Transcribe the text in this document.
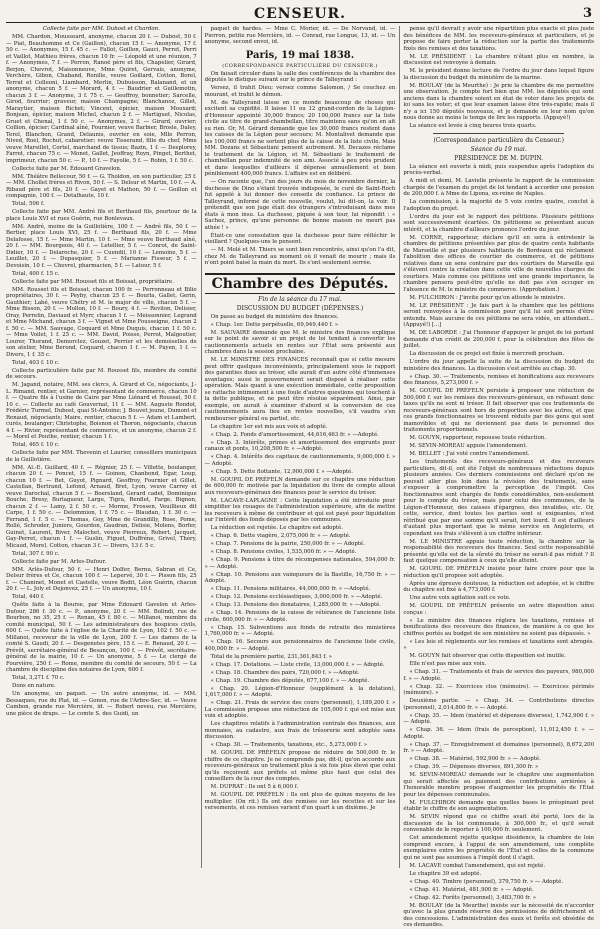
CENSEUR.	3

Collecte faite par MM. Dubost et Chardon.

MM. Chardon, Mousseard, anonyme, chacun 20 f. — Dubost, 50 f. — Piat, Beauhomme et Ce (Gaillon), chacun 15 f. — Anonyme, 17 f. 50 c. — Anonymes, 15 f. 45 c. — Fallot, Goillon, Gauci, Perret, Perri et Vaillot, Mathieu frères, chacun 10 fr. — Léopold et une réunion, 7 f. — Anonymes, 7 f. — Perron, Ranoé père et fils, Chapelier, Girard, Berjon, Chevrot, Maisonneuve, Mme Quiret, Gervais, anonyme, Verchère, Gibon, Chaband, Ronille, veuve Goillard, Cotton, Borel, Terrat et Colleoni, Liambard, Merlin, Dubuisson, Balanand, et un anonyme, chacun 5 f. — Morard, 4 f. — Baudrier et Guillemotin, chacun 3 f. — Anonyme, 3 f. 75 c. — Geoffroy, bonnetier; Sarcelle, Girod, fourrier; graveur, maison Champagne; Blanchanoz, Gillet, Maraytier, maison Richet; Vincent, épicier, maison Mouxard; Bonjean, épicier, maison Michel, chacun 2 f. — Martiguet, Nicolas, Gruet et Chenal, 1 f. 50 c. — Anonymes, 2 f. — Girard, ouvrier; Collion, épicier; Cardinal aîné, Fournier, veuve Barbier, Brosle, Daley, Terel, Blanchon, Grand, Delaunis, ouvrier en soie, Mlle Perron, Nived, Roel, Rochut, cabaretier; veuve Tisserand, fille du chef, Mme veuve Marsillet, Cortel, marchand de tissus; Bazin, 1 f. — Desplorey, Farret, chacun 75 c. — Monet, Gallet, Jeoffray, Royn, Pinget, Berthet, imprimeur, chacun 50 c. — P., 10 f. — Fayolle, 5 f. — Robin, 1 f. 50 c.

Collecte faite par M. Édouard Gravelon.

MM. Théâtre Bellecour, 50 f. — G. Tholdon, en son particulier, 25 f. — MM. Chollet frères et Rivon, 50 f. — S. Delsur et Martin, 10 f. — A. Ribaud père et fils, 20 f. — Gayet et Mathon, 50 f. — Goillon et compagnie, 100 f. — Detalhaute, 10 f.

Total, 506 f.

Collecte faite par MM. André fils et Berthaud fils, pourtour de la place Louis XVI et rues Guérin, rue Bonlevaux.

MM. André, moine de la Guillotière, 100 f. — André fils, 50 f. — Bertier, place Louis XVI, 25 f. — Berthaud fils, 20 f. — Mme Delafosse, 15 f. — Mme Martin, 10 f. — Mme veuve Berthaud aîné, 20 f. — MM. Bourgeois, 40 f. — Letellier, 5 f. — Conrot, de Saint-Didier, 10 f. — Delaroche, 20 f. — Cuendil, 10 f. — Lemoine, 5 f. — Leuillet, 20 f. — Dupasquier, 5 f. — Marianne Fisseur, 5 f. — Devoisin, 10 f. — Chevrel, pharmacien, 5 f. — Latour, 5 f.

Total, 400 f. 15 c.

Collecte faite par MM. Rousset fils et Boissat, propriétaire.

MM. Rousset fils et Boissat, chacun 100 fr. — Perronneau et Bilio propriétaires, 30 f. — Peyby, chacun 25 f. — Bourla, Gallet, Gerin, Gauthier; Labé, veuve Chétry et M. le major de ville, chacun 5 f. — Mme Bisson, 20 f. — Mollon, 10 f. — Boury, 4 f. — Revilon, Delisier, Oray, Perrelin, Daviaud et Myrr, chacun 1 f. — Meissonnier, Legrand et Mme Michand, chacun 3 f. — Vignet et Mme Fousseigne, chacun 2 f. 50 c. — MM. Sauvage, Coquard et Mme Duquis, chacun 1 f. 50 c. — Mme Voilet, 1 f. 25 c. — MM. David, Poisse, Perrot, Malgoutier, Lourer, Thorand, Demorclez, Gouzet, Perrier et les demoiselles de son atelier, Mme Berond, Coquard, chacun 1 f. — M. Payen, 1 f. — Divers, 1 f. 35 c.

Total, 403 f. 10 c.

Collecte particulière faite par M. Rousset fils, membre du comité de secours.

M. Jagand, notaire, MM. ses clercs, A. Girard et Ce, négociants, J.-L. Rimand, rentier, et Garnier, représentant de commerce, chacun 10 f. — Quatre fils à l'usine de Caire par Mme Liénard et Roussel, 50 f. 10 c. — Collecte au café Gouvernat, 11 f. — MM. Auguste Rondot, Frédéric Turmel, Dubost, quai St-Antoine; J. Bouvet jeune, Dumont et Renaud, négociants; Maire, rentier, chacun 5 f. — Adam et Lambert, curés, boulanger; Christophe, Boisnon et Thoron, négociants, chacun 4 f. — Rivier, représentant de commerce, et un anonyme, chacun 2 f. — Morel et Pouthe, rentier, chacun 1 f.

Total, 465 f. 10 c.

Collecte faite par MM. Thevenin et Laurier, conseillers municipaux de la Guillotière.

MM. Al.-E. Guillard, 40 f. — Régnier, 25 f. — Villette, boulanger, chacun 20 f. — Poncet, 15 f. — Goinon, Chanbond, Egar, Loup, chacun 10 f. — Bet, Guyot, Pignard, Geoffroy, Fournier et Gillet, Castellan, Bertrand, Lefond, Arnaud, Bret, Lyon, veuve Carrey et veuve Darochal, chacun 5 f. — Boereland, Gerard cadet, Dominique Bouche, Bresy, Burlagueur, Large, Tigra, Renflet, Farge, Bignon, chacun 2 f. — Lamy, 2 f. 50 c. — Morme, Frossen, Veuillieux dit Carpe, 1 f. 50 c. — Delommion, 1 f. 75 c. — Blaudan, 1 f. 30 c. — Ferrand, 1 f. 5 c. — Thomas, Goy, Mme de Grandilly, Rose, Pome, Rollé, Schroder, Juniers, Gourdon, Gaudran, Delisie, Molens, Borfer, Guinet, Laurent, Biver, Malochet, veuve Pierreux, Robert, Jacquet, Gay-Perret, chacun 1 f. — Guslin, Figuet, Duffréne, Grivel, Théry, Micaud, Morel, Cotton, chacun 3 f. — Divers, 13 f. 5 c.

Total, 307 f. 90 c.

Collecte faite par M. Arles-Dufour.

MM. Arlès-Dufour, 50 f. — Henri Dolfer, Bernu, Sabran et Ce, Delsur frères et Ce, chacun 100 f. — Lepervé, 30 f. — Pisson fils, 25 f. — Chaninet, Monet et Castelle, veuve Bodit, Léon Guérin, chacun 20 f. — L. Joly et Dejonvez, 25 f. — Un anonyme, 10 f.

Total, 440 f.

Quête faite à la Bourse, par Mme Édouard Gavelon et Arles-Dufour, 286 f. 30 c. — P., anonyme, 20 f. — MM. Bolindi, rue de Bourbon, no 35, 25 f. — Renan, 45 f. 80 c. — Millanoi, membre du comité municipal, 50 f. — Les administrateurs des hospices civils, 600 f. — Quête faite à l'église de la Charité de Lyon, 102 f. 50 c. — Millanoi, receveur de la ville de Lyon, 200 f. — Les dames de la comté S. Gaudi, 20 f. — Desgenetes père, 15 f. — E. Renaud, 20 f. — Prévôt, secrétaire-général de Besançon, 100 f. — Prévôt, secrétaire-général de la mairie, 10 f. — Un anonyme, 5 f. — Le clergé de Fourvière, 250 f. — Rome, membre du comité de secours, 50 f. — La chambre de discipline des notaires de Lyon, 600 f.

Total, 3,271 f. 70 c.

Dons en nature.

Un anonyme, un paquet. — Un autre anonyme, id. — MM. Bessaques, rue du Plat, id. — Gonon, rue de l'Arbre-Sec, id. — Veuve Cambon, grande rue Mercière, id. — Robert neveu, rue Mercière, une pièce de draps. — Le comte S. des Guidi, un

paquet de hardes. — Mme C. Morier, id. — De Norvand, id. — Pierron, petite rue Mercière, id. — Conrad, rue Longue, 13, id. — Un anonyme, second envoi, id.

Paris, 19 mai 1838.
(CORRESPONDANCE PARTICULIÈRE DU CENSEUR.)

On faisait circuler dans la salle des conférences de la chambre des députés le distique suivant sur le prince de Talleyrand :

Versez, il trahit Dieu; versez comme Salomon, / Se couchez en mourant, et trahit le démon.

M. de Talleyrand laisse en ce monde beaucoup de choses qui excitent sa cupidité. Il laisse 11 ou 12 grand-cordon de la Légion-d'Honneur appointé 30,000 francs; 20 100,000 francs sur la liste civile au titre de grand-chambellan, titre maintenu sans qu'on en ait su rien. Or, M. Gérard demande que les 30,000 francs restent dans les caisses de la Légion pour secours; M. Montalivet demande que les 100,000 francs ne sortent plus de la caisse de la liste civile. Mais MM. Dozans et Sébastiani pensent autrement. M. Decazes réclame le traitement de la Légion, et M. Sébastiani le traitement de chambellan pour indemnité de son ami. Associé à peu près prudent et dans lesquelles d'ailleurs il dépense annuellement et bien péniblement 400,000 francs. L'affaire est en délibéré.

— On raconte que, l'un des jours du mois de novembre dernier, la duchesse de Dino s'étant trouvée indisposée, le curé de Saint-Roch fut appelé à lui donner des conseils de confiance. Le prince de Talleyrand, informé de cette nouvelle, voulut, lui dit-on, la voir. Il prétendit que son juge était des étrangers s'introduisant dans mes états à mon insu. La duchesse, piquée à son tour, lui répondit : « Sachez, prince, qu'une personne de bonne maison ne meurt pas athée ! »

Était-ce une consolation que la duchesse pour faire réfléchir le vieillard ? Quelques-uns le pensent.

— M. Molé et M. Thiers se sont bien rencontrés, ainsi qu'on l'a dit, chez M. de Talleyrand au moment où il venait de mourir ; mais ils n'ont point baisé la main du mort. Ils s'ont seulement serrée.

Chambre des Députés.
Fin de la séance du 17 mai.
DISCUSSION DU BUDGET (DÉPENSES.)

On passe au budget du ministère des finances.

« Chap. 1er. Dette perpétuelle, 69,949,440 f. »

M. SAUVAIRE demande que M. le ministre des finances explique sur le point de savoir si un projet de loi tendant à convertir les cautionnements actuels en rentes sur l'État sera présenté aux chambres dans la session prochaine.

M. LE MINISTRE DES FINANCES reconnaît que si cette mesure peut offrir quelques inconvénients, principalement sous le rapport des garanties dues au trésor, elle aurait d'un autre côté d'immenses avantages; aussi le gouvernement serait disposé à réaliser cette opération. Mais quant à une exécution immédiate, cette proposition se rattache intimement à une foule d'autres questions qui touchent à la dette publique, et ne peut être résolue séparément. Ainsi, par exemple, on aurait à examiner d'abord si la conversion de ces cautionnements aura lieu en rentes nouvelles, s'il vaudra s'en rembourser général ou partiel, etc.

Le chapitre 1er est mis aux voix et adopté.

« Chap. 2. Fonds d'amortissement, 44,616,463 fr. » —Adopté.

« Chap. 3. Intérêts, primes et amortissement des emprunts pour canaux et ponts, 10,208,500 fr. » —Adopté.

« Chap. 4. Intérêts des capitaux de cautionnements, 9,000,000 f. » — Adopté.

« Chap. 5. Dette flottante, 12,900,000 f. » —Adopté.

M. GOUPIL DE PRÉFELN demande sur ce chapitre une réduction de 600,000 fr. motivée par la liquidation du livre de compte alloué aux receveurs-généraux des finances pour le service du trésor.

M. LACAVE-LAPLAGNE : Cette liquidation a été introduite pour simplifier les rouages de l'administration supérieure, afin de mettre les receveurs à même de contribuer et qui est payé pour liquidation sur l'intérêt des fonds déposés par les communes.

La réduction est rejetée. Le chapitre est adopté.

« Chap. 6. Dette viagère, 2,075,000 fr. » — Adopté.

« Chap. 7. Pensions de la pairie, 250,000 fr. » — Adopté.

« Chap. 8. Pensions civiles, 1,535,000 fr. » — Adopté.

« Chap. 9. Pensions à titre de récompenses nationales, 594,000 fr. » — Adopté.

« Chap. 10. Pensions aux vainqueurs de la Bastille, 16,750 fr. » — Adopté.

« Chap. 11. Pensions militaires, 44,000,000 fr. » —Adopté.

« Chap. 12. Pensions ecclésiastiques, 3,000,000 fr. » —Adopté.

« Chap. 13. Pensions des donataires, 1,285,000 fr. » —Adopté.

« Chap. 14. Pensions de la caisse de vétérance de l'ancienne liste civile, 600,000 fr. » — Adopté.

« Chap. 15. Subventions aux fonds de retraite des ministères 1,760,000 fr. » — Adopté.

« Chap. 16. Secours aux pensionnaires de l'ancienne liste civile, 400,000 fr. » — Adopté.

Total de la première partie, 231,361,843 f. »

« Chap. 17. Dotations. — Liste civile, 13,000,000 f. » — Adopté.

« Chap. 18. Chambre des pairs, 720,000 f. » —Adopté.

« Chap. 19. Chambre des députés, 677,100 f. » — Adopté.

« Chap. 20. Légion-d'Honneur (supplément à la dotation), 1,617,000 f. » — Adopté.

« Chap. 21. Frais de service des cours (personnel), 1,189,200 f. » La commission propose une réduction de 105,000 f. qui est mise aux voix et adoptée.

Les chapitres relatifs à l'administration centrale des finances, aux monnaies, au cadastre, aux frais de trésorerie sont adoptés sans discussion.

« Chap. 30. — Traitements, taxations, etc., 5,273,000 f. »

M. GOUPIL DE PRÉFELN propose de réduire de 500,000 fr. le chiffre de ce chapitre. Je ne comprends pas, dit-il, qu'on accorde aux receveurs-généraux un traitement plus à six fois plus élevé que celui qu'ils reçoivent aux préfets et même plus haut que celui des conseillers de la cour des comptes.

M. DUPRAT : Ils ont 5 à 6,000 f.

M. GOUPIL DE PRÉFELN : Ils ont plus de quinze moyens de les multiplier. (On rit.) Ils ont des remises sur les recettes et sur les versements, et ces remises varient d'un quart à un dixième. Je

pense qu'il devrait y avoir une répartition plus exacte et plus juste des bénéfices de MM. les receveurs-généraux et particuliers, et je propose de faire porter la réduction sur la partie des traitements fixés des remises et des taxations.

M. LE PRÉSIDENT : La chambre n'étant plus en nombre, la discussion est renvoyée à demain.

M. le président donne lecture de l'ordre du jour dans lequel figure la discussion du budget du ministère de la marine.

M. ROULAY (de la Meurthe) : Je prie la chambre de me permettre une observation. Je compte fort bien que MM. les députés qui sont anciens dans la chambre soient en état de voter dans les projets de loi sans les voter; et que leur examen laisse être très-rapide; mais il n'y a ici 150 députés nouveaux, et je demande en leur nom qu'on nous donne au moins le temps de lire les rapports. (Appuyé!)

La séance est levée à cinq heures trois quarts.

(Correspondance particulière du Censeur.)
Séance du 19 mai.
PRÉSIDENCE DE M. DUPIN.

La séance est ouverte à midi, puis suspendue après l'adoption du procès-verbal.

A midi et demi, M. Lavielle présente le rapport de la commission chargée de l'examen du projet de loi tendant à accorder une pension de 200,000 f. à Mme de Lipona, ex-reine de Naples.

La commission, à la majorité de 5 voix contre quatre, conclut à l'adoption du projet.

L'ordre du jour est le rapport des pétitions. Plusieurs pétitions sont successivement écartées. On pétitionne se présentant aucun intérêt, et la chambre d'ailleurs prononce l'ordre du jour.

M. CORNE, rapporteur, déclare qu'il en sera à entretenir la chambre de pétitions présentées par plus de quatre cents habitants de Marseille et par plusieurs habitants de Bordeaux qui réclament l'abolition des offices de courtier de commerce, et de pétitions relatives dans un sens contraire par des courtiers de Marseille qui s'élèvent contre la création dans cette ville de nouvelles charges de courtiers. Mais comme ces pétitions ont une grande importance, la chambre pensera peut-être qu'elle ne doit pas s'en occuper en l'absence de M. le ministre du commerce. (Approbation.)

M. FULCHIRON : J'invite pour qu'on attende le ministre.

M. LE PRÉSIDENT : Je fais part à la chambre que les pétitions seront renvoyées à la commission pour qu'il lui soit permis d'être entendu. Mais aucune de ces pétitions ne sera vidée, en attendant... (Appuyé!) [...]

M. DE LABORDE : J'ai l'honneur d'appuyer le projet de loi portant demande d'un crédit de 200,000 f. pour la célébration des fêtes de juillet.

La discussion de ce projet est fixée à mercredi prochain.

L'ordre du jour appelle la suite de la discussion du budget du ministère des finances. La discussion s'est arrêtée au chap. 30.

« Chap. 30. — Traitements, remises et bonifications aux receveurs des finances, 5,273,000 f. »

M. GOUPIL DE PRÉFELN persiste à proposer une réduction de 500,000 f. sur les remises des receveurs-généraux, en refusant donc taxes qu'ils ne sont ni trésor. Il fait observer que ces traitements de receveurs-généraux sont hors de proportion avec les autres, et que ces grands fonctionnaires se trouvent réduits par des gens qui sont inamovibles et qui ne deviennent pas dans le personnel des traitements proportionnels.

M. GOUYN, rapporteur, repousse toute réduction.

M. SEVIN-MOREAU appuie l'amendement.

M. BELLET : J'ai voté contre l'amendement.

Les traitements des receveurs-généraux et des receveurs particuliers, dit-il, ont été l'objet de nombreuses réductions depuis plusieurs années. Ces derniers commissions ont déclaré qu'on ne pouvait aller plus loin dans la révision des traitements, sans s'exposer à compromettre la perception de l'impôt. Ces fonctionnaires sont chargés de fonds considérables, non-seulement pour le compte du trésor, mais pour celui des communes, de la Légion-d'Honneur, des caisses d'épargnes, des invalides, etc. Or, cette, service, dont toutes les parties sont si exigeantes, n'est rétribué que par une somme qu'il serait, fort lourd. Il est d'ailleurs d'autant plus important que le même service en Angleterre, et cependant ses frais s'élèvent à un chiffre inférieur.

M. LE MINISTRE appuie toute réduction, la chambre sur la responsabilité des receveurs des finances. Seul cette responsabilité présente qu'elle est de la sûreté du trésor ne serait-il pas réduit ? Il faut quelque compensation à ceux qu'elle atteint.

M. GOUPIL DE PRÉFELN insiste pour faire croire pour que la réduction qu'il propose soit adoptée.

Après une épreuve douteuse, la réduction est adoptée, et le chiffre du chapitre est fixé à 4,773,000 f.

Une autre voix agitation suit ce vote.

M. GOUPIL DE PRÉFELN présente un autre disposition ainsi conçue :

« Le ministre des finances réglera les taxations, remises et bonifications des receveurs des finances, de manière à ce que les chiffres portés au budget de son ministère ne soient pas dépassés. »

« Les lois et règlements sur les remises et taxations sont abrogés. »

M. GOUYN fait observer que cette disposition est inutile.

Elle n'est pas mise aux voix.

« Chap. 31. — Traitements et frais de service des payeurs, 980,000 f. » — Adopté.

« Chap. 32. — Exercices clos (mémoire). — Exercices périmés (mémoire). »

Deuxième partie. — « Chap. 34. — Contributions directes (personnel), 2,014,800 fr. » — Adopté.

« Chap. 35. — Idem (matériel et dépenses diverses), 1,742,900 f. » — Adopté.

« Chap. 36. — Idem (frais de perception), 11,012,450 f. » — Adopté.

« Chap. 37. — Enregistrement et domaines (personnel), 8,672,200 fr. » — Adopté.

« Chap. 38. — Matériel, 592,900 fr. » — Adopté.

« Chap. 39. — Dépenses diverses, 891,300 fr. »

M. SEVIN-MOREAU demande sur le chapitre une augmentation qui serait affectée au paiement des contributions arriérées à l'honorable membre propose d'augmenter les propriétés de l'État pour les dépenses communales.

M. FULCHIRON demande que quelles bases le préopinant peut établir le chiffre de son augmentation.

M. SEVIN répond que ce chiffre avait été porté, lors de la discussion de la loi communale, à 300,000 fr., et qu'il serait convenable de le reporter à 100,000 fr. seulement.

Cet amendement rejette quelque dissidence, la chambre de loin comprend encore, à l'appui de son amendement, une complète exemplaires entre les propriétés de l'État et celles de la commune qui ne sont pas soumises à l'impôt dont il s'agit.

M. LACAVE combat l'amendement, qui est rejeté.

Le chapitre 39 est adopté.

« Chap. 40. Timbre (personnel), 379,750 fr. » — Adopté.

« Chap. 41. Matériel, 481,900 fr. » — Adopté.

« Chap. 42. Forêts (personnel), 3,483,700 fr. »

M. BOULAY (de la Meurthe) insiste sur la nécessité de n'accorder qu'avec la plus grande réserve des permissions de défrichement et des concessions. L'administration des eaux et forêts est obsédée de ces demandes.
